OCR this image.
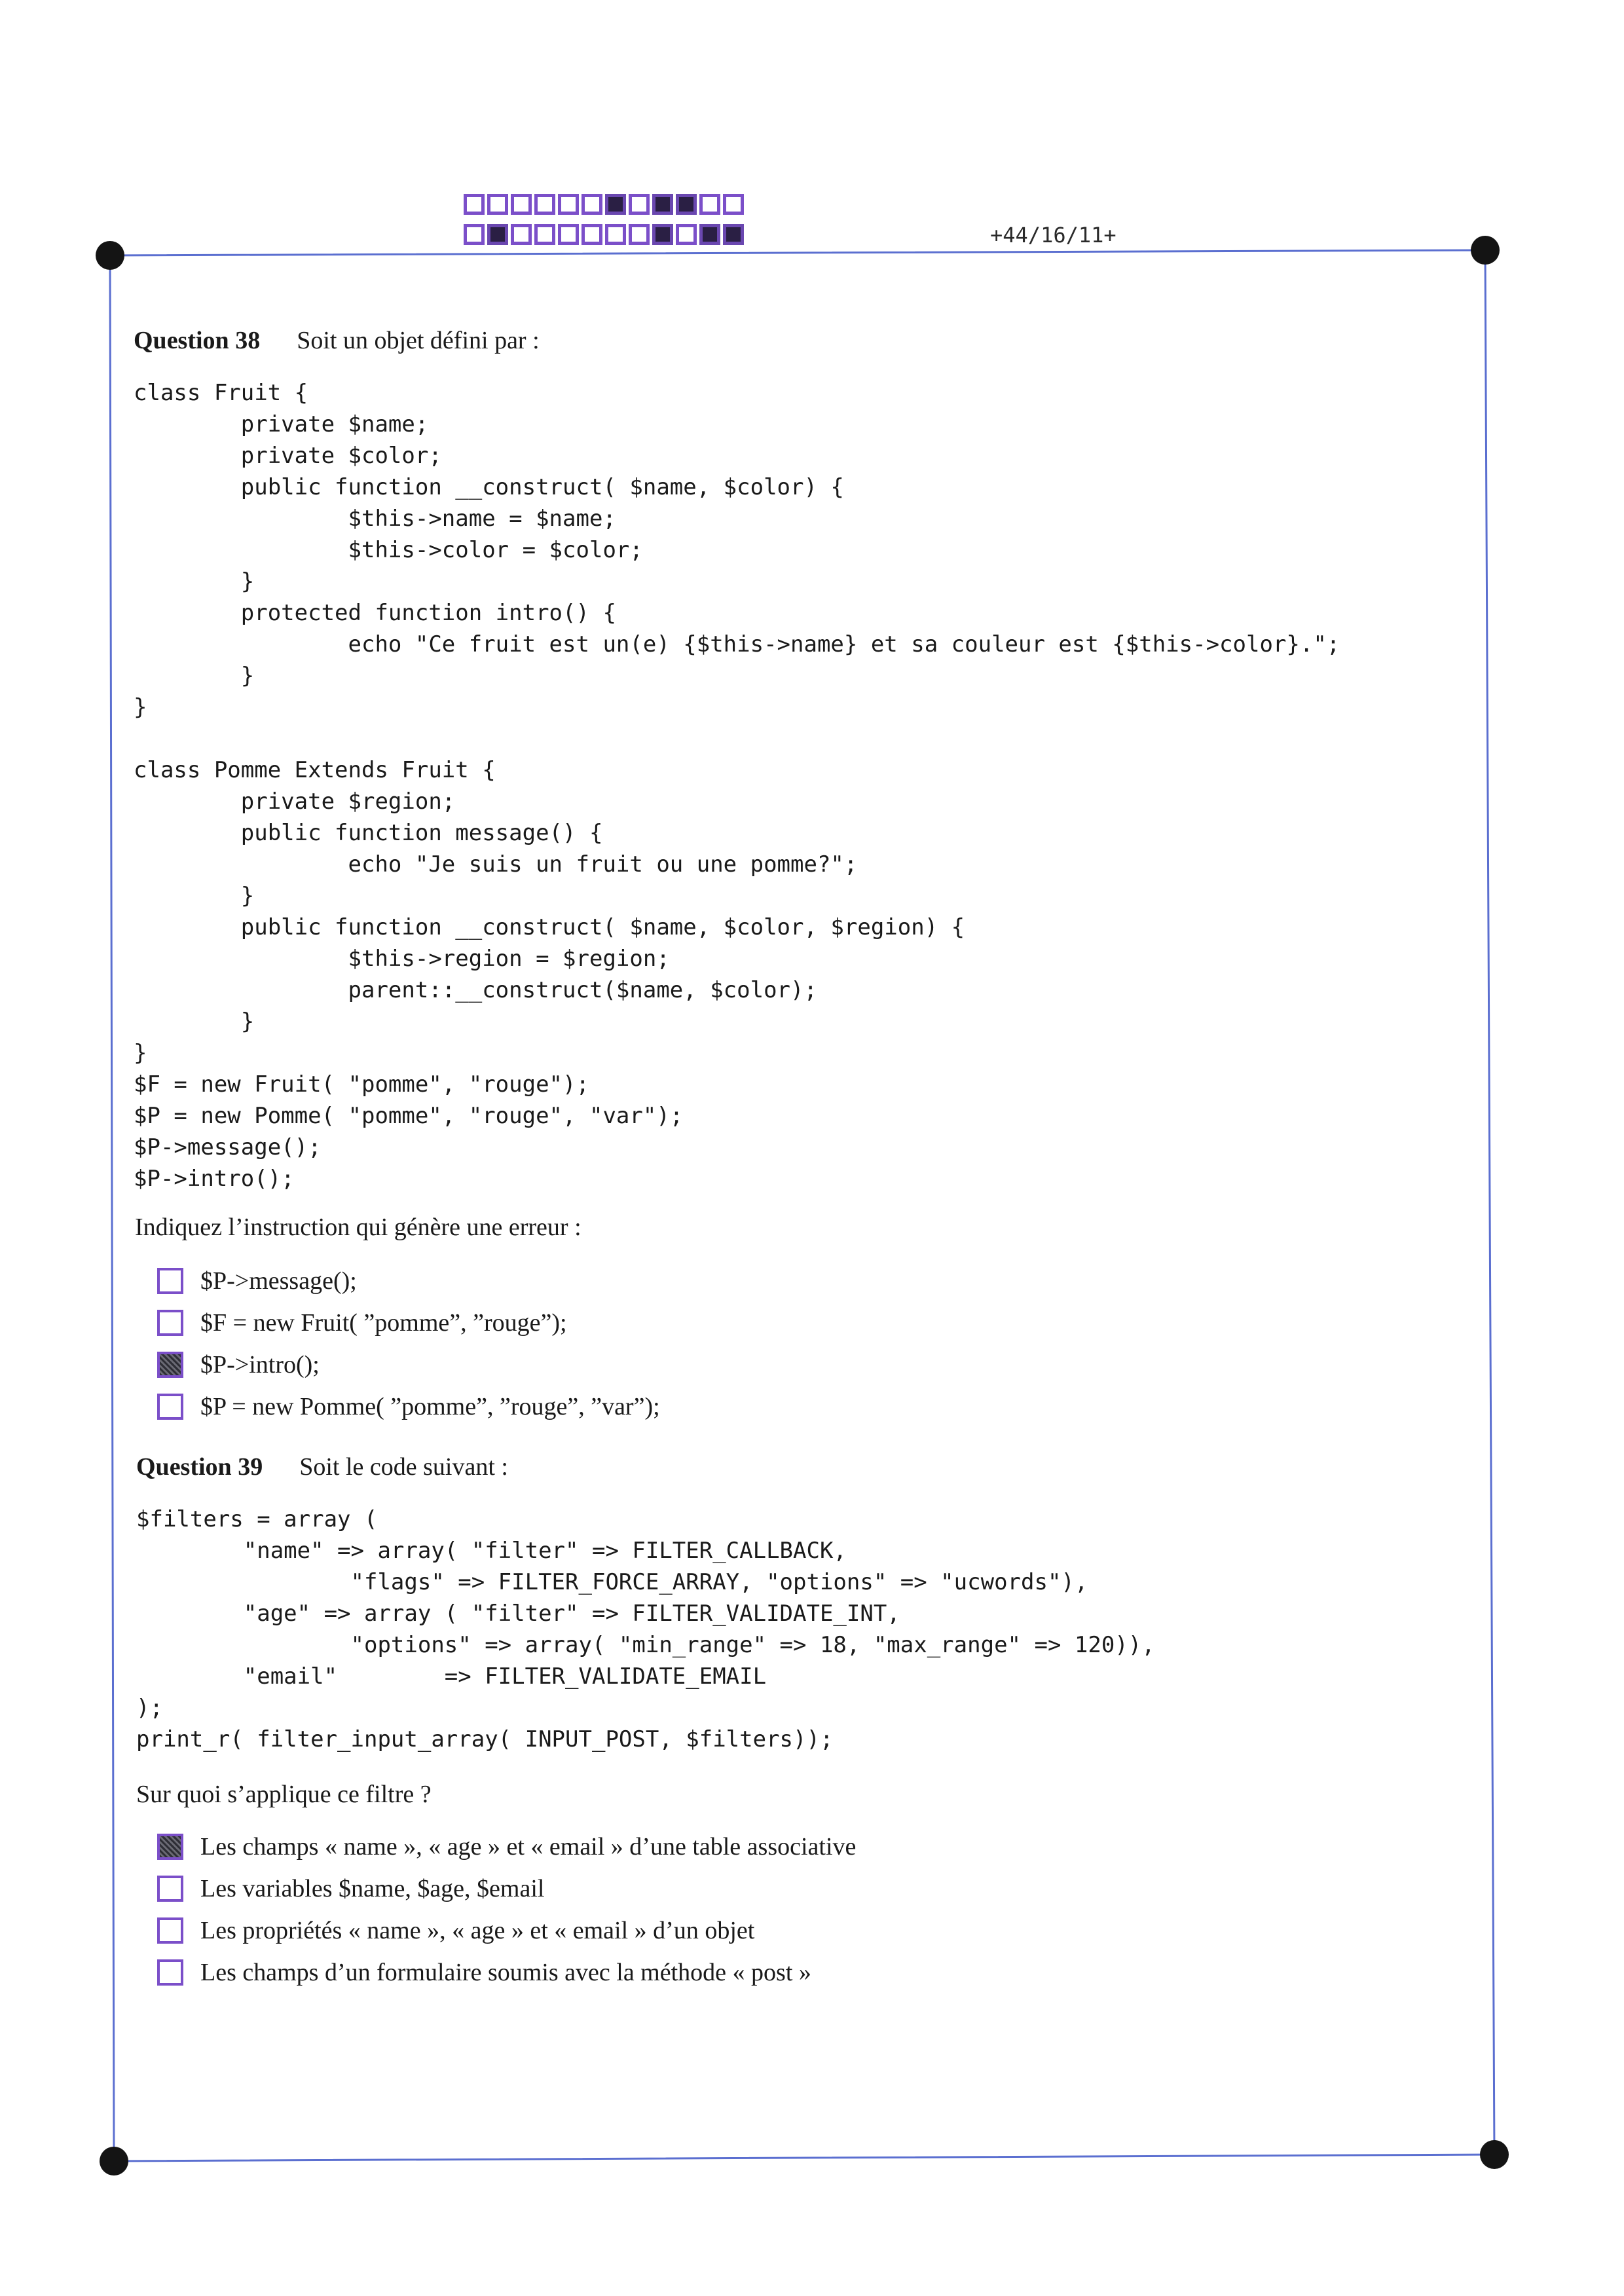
+44/16/11+
Question 38 Soit un objet défini par :
class Fruit {
private $name;
private $color;
public function __construct( $name, $color) {
$this->name = $name;
$this->color = $color;
}
protected function intro() {
echo "Ce fruit est un(e) {$this->name} et sa couleur est {$this->color}.";
}
}

class Pomme Extends Fruit {
private $region;
public function message() {
echo "Je suis un fruit ou une pomme?";
}
public function __construct( $name, $color, $region) {
$this->region = $region;
parent::__construct($name, $color);
}
}
$F = new Fruit( "pomme", "rouge");
$P = new Pomme( "pomme", "rouge", "var");
$P->message();
$P->intro();
Indiquez l’instruction qui génère une erreur :
$P->message();
$F = new Fruit( ”pomme”, ”rouge”);
$P->intro();
$P = new Pomme( ”pomme”, ”rouge”, ”var”);
Question 39 Soit le code suivant :
$filters = array (
"name" => array( "filter" => FILTER_CALLBACK,
"flags" => FILTER_FORCE_ARRAY, "options" => "ucwords"),
"age" => array ( "filter" => FILTER_VALIDATE_INT,
"options" => array( "min_range" => 18, "max_range" => 120)),
"email"        => FILTER_VALIDATE_EMAIL
);
print_r( filter_input_array( INPUT_POST, $filters));
Sur quoi s’applique ce filtre ?
Les champs « name », « age » et « email » d’une table associative
Les variables $name, $age, $email
Les propriétés « name », « age » et « email » d’un objet
Les champs d’un formulaire soumis avec la méthode « post »
